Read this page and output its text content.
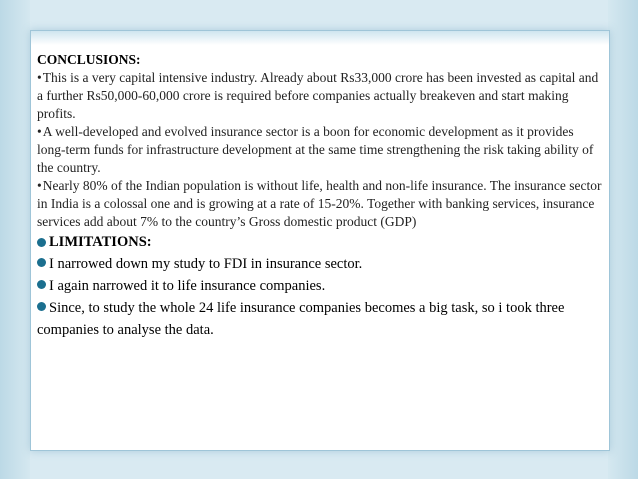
CONCLUSIONS:

•This is a very capital intensive industry. Already about Rs33,000 crore has been invested as capital and a further Rs50,000-60,000 crore is required before companies actually breakeven and start making profits.

•A well-developed and evolved insurance sector is a boon for economic development as it provides long-term funds for infrastructure development at the same time strengthening the risk taking ability of the country.

•Nearly 80% of the Indian population is without life, health and non-life insurance. The insurance sector in India is a colossal one and is growing at a rate of 15-20%. Together with banking services, insurance services add about 7% to the country’s Gross domestic product (GDP)

LIMITATIONS:

I narrowed down my study to FDI in insurance sector.

I again narrowed it to life insurance companies.

Since, to study the whole 24 life insurance companies becomes a big task, so i took three companies to analyse the data.
